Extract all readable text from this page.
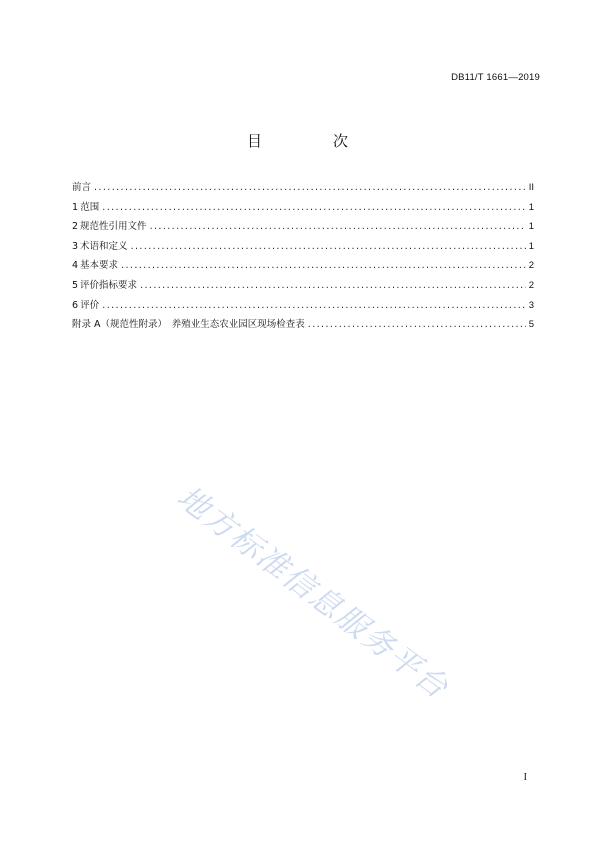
DB11/T 1661—2019
目　次
前言 .....	II
1 范围 .....	1
2 规范性引用文件 .....	1
3 术语和定义 .....	1
4 基本要求 .....	2
5 评价指标要求 .....	2
6 评价 .....	3
附录 A（规范性附录）　养殖业生态农业园区现场检查表 .....	5
地方标准信息服务平台
I
